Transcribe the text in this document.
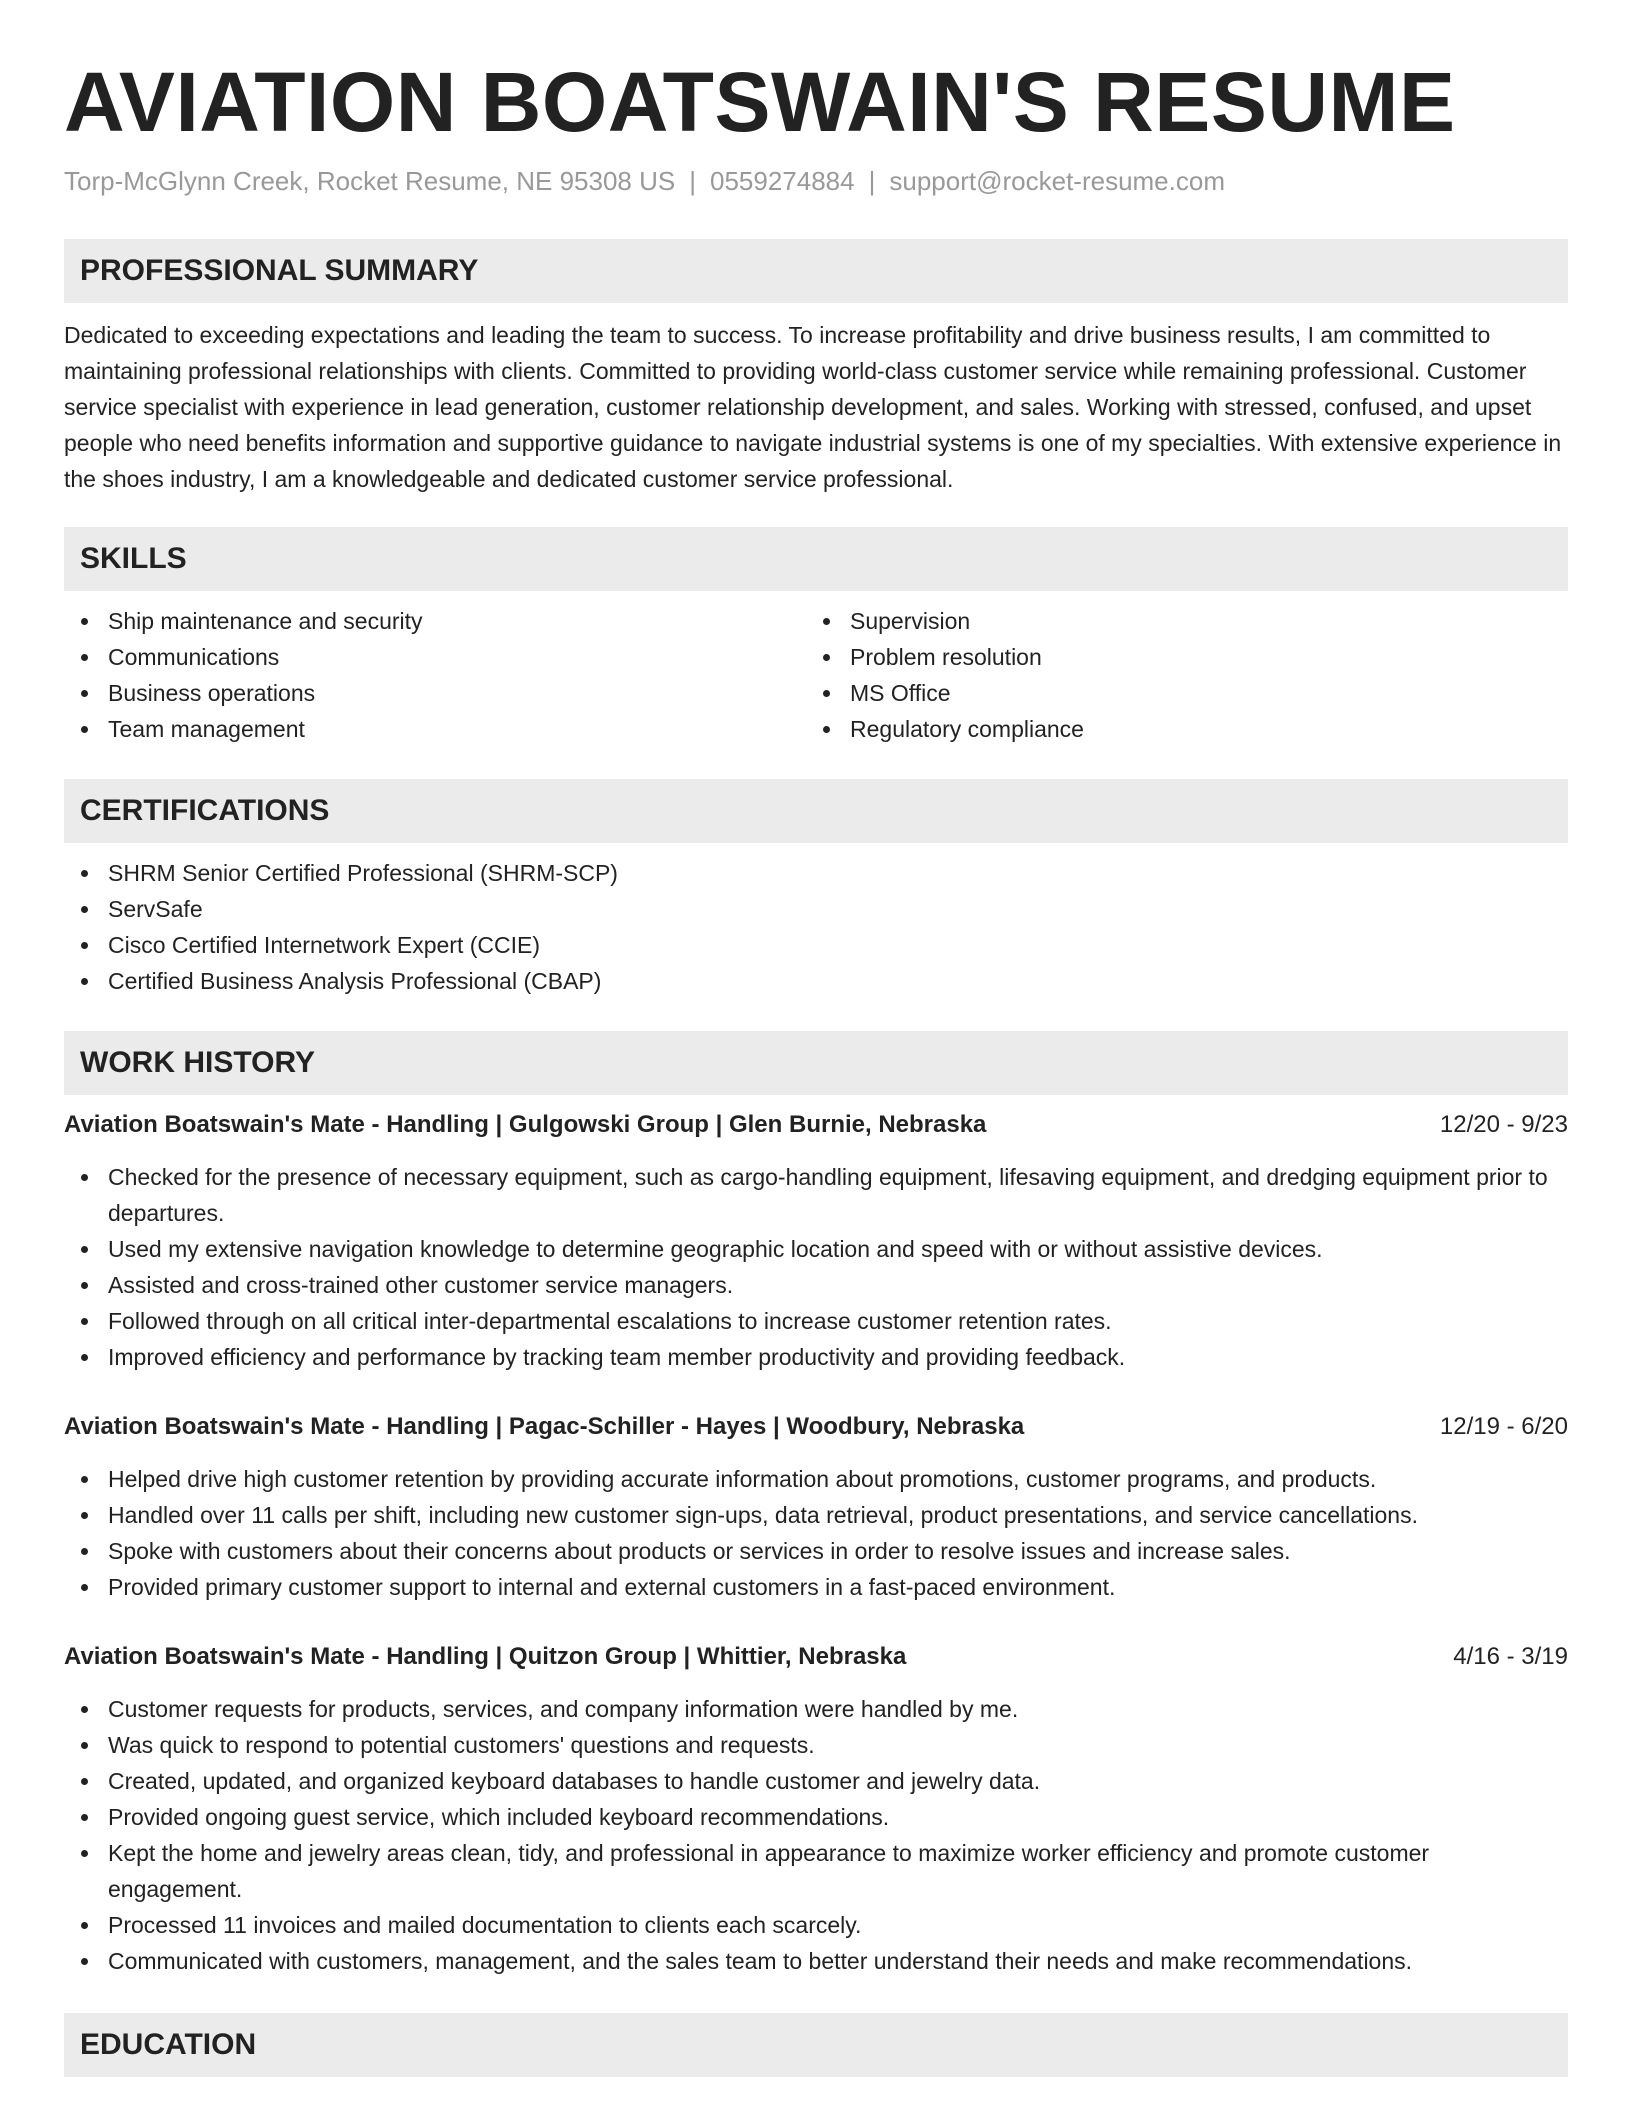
AVIATION BOATSWAIN'S RESUME
Torp-McGlynn Creek, Rocket Resume, NE 95308 US | 0559274884 | support@rocket-resume.com
PROFESSIONAL SUMMARY

Dedicated to exceeding expectations and leading the team to success. To increase profitability and drive business results, I am committed to maintaining professional relationships with clients. Committed to providing world-class customer service while remaining professional. Customer service specialist with experience in lead generation, customer relationship development, and sales. Working with stressed, confused, and upset people who need benefits information and supportive guidance to navigate industrial systems is one of my specialties. With extensive experience in the shoes industry, I am a knowledgeable and dedicated customer service professional.

SKILLS
Ship maintenance and security
Communications
Business operations
Team management
Supervision
Problem resolution
MS Office
Regulatory compliance
CERTIFICATIONS
SHRM Senior Certified Professional (SHRM-SCP)
ServSafe
Cisco Certified Internetwork Expert (CCIE)
Certified Business Analysis Professional (CBAP)
WORK HISTORY
Aviation Boatswain's Mate - Handling | Gulgowski Group | Glen Burnie, Nebraska	12/20 - 9/23
Checked for the presence of necessary equipment, such as cargo-handling equipment, lifesaving equipment, and dredging equipment prior to departures.
Used my extensive navigation knowledge to determine geographic location and speed with or without assistive devices.
Assisted and cross-trained other customer service managers.
Followed through on all critical inter-departmental escalations to increase customer retention rates.
Improved efficiency and performance by tracking team member productivity and providing feedback.
Aviation Boatswain's Mate - Handling | Pagac-Schiller - Hayes | Woodbury, Nebraska	12/19 - 6/20
Helped drive high customer retention by providing accurate information about promotions, customer programs, and products.
Handled over 11 calls per shift, including new customer sign-ups, data retrieval, product presentations, and service cancellations.
Spoke with customers about their concerns about products or services in order to resolve issues and increase sales.
Provided primary customer support to internal and external customers in a fast-paced environment.
Aviation Boatswain's Mate - Handling | Quitzon Group | Whittier, Nebraska	4/16 - 3/19
Customer requests for products, services, and company information were handled by me.
Was quick to respond to potential customers' questions and requests.
Created, updated, and organized keyboard databases to handle customer and jewelry data.
Provided ongoing guest service, which included keyboard recommendations.
Kept the home and jewelry areas clean, tidy, and professional in appearance to maximize worker efficiency and promote customer engagement.
Processed 11 invoices and mailed documentation to clients each scarcely.
Communicated with customers, management, and the sales team to better understand their needs and make recommendations.
EDUCATION
